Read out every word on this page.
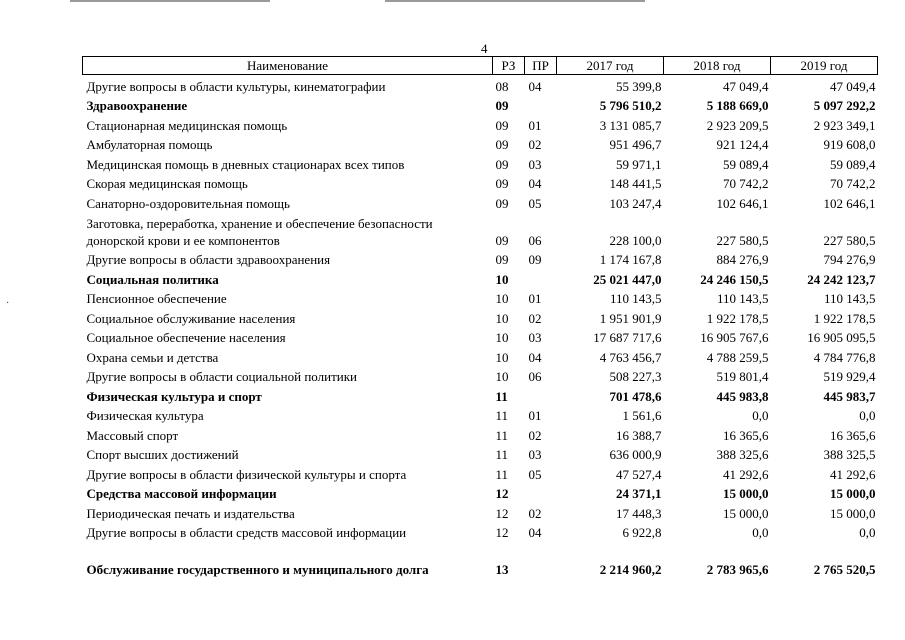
·
4
Наименование	РЗ	ПР	2017 год	2018 год	2019 год
Другие вопросы в области культуры, кинематографии	08	04	55 399,8	47 049,4	47 049,4
Здравоохранение	09		5 796 510,2	5 188 669,0	5 097 292,2
Стационарная медицинская помощь	09	01	3 131 085,7	2 923 209,5	2 923 349,1
Амбулаторная помощь	09	02	951 496,7	921 124,4	919 608,0
Медицинская помощь в дневных стационарах всех типов	09	03	59 971,1	59 089,4	59 089,4
Скорая медицинская помощь	09	04	148 441,5	70 742,2	70 742,2
Санаторно-оздоровительная помощь	09	05	103 247,4	102 646,1	102 646,1
Заготовка, переработка, хранение и обеспечение безопасности донорской крови и ее компонентов	09	06	228 100,0	227 580,5	227 580,5
Другие вопросы в области здравоохранения	09	09	1 174 167,8	884 276,9	794 276,9
Социальная политика	10		25 021 447,0	24 246 150,5	24 242 123,7
Пенсионное обеспечение	10	01	110 143,5	110 143,5	110 143,5
Социальное обслуживание населения	10	02	1 951 901,9	1 922 178,5	1 922 178,5
Социальное обеспечение населения	10	03	17 687 717,6	16 905 767,6	16 905 095,5
Охрана семьи и детства	10	04	4 763 456,7	4 788 259,5	4 784 776,8
Другие вопросы в области социальной политики	10	06	508 227,3	519 801,4	519 929,4
Физическая культура и спорт	11		701 478,6	445 983,8	445 983,7
Физическая культура	11	01	1 561,6	0,0	0,0
Массовый спорт	11	02	16 388,7	16 365,6	16 365,6
Спорт высших достижений	11	03	636 000,9	388 325,6	388 325,5
Другие вопросы в области физической культуры и спорта	11	05	47 527,4	41 292,6	41 292,6
Средства массовой информации	12		24 371,1	15 000,0	15 000,0
Периодическая печать и издательства	12	02	17 448,3	15 000,0	15 000,0
Другие вопросы в области средств массовой информации	12	04	6 922,8	0,0	0,0
Обслуживание государственного и муниципального долга	13		2 214 960,2	2 783 965,6	2 765 520,5
